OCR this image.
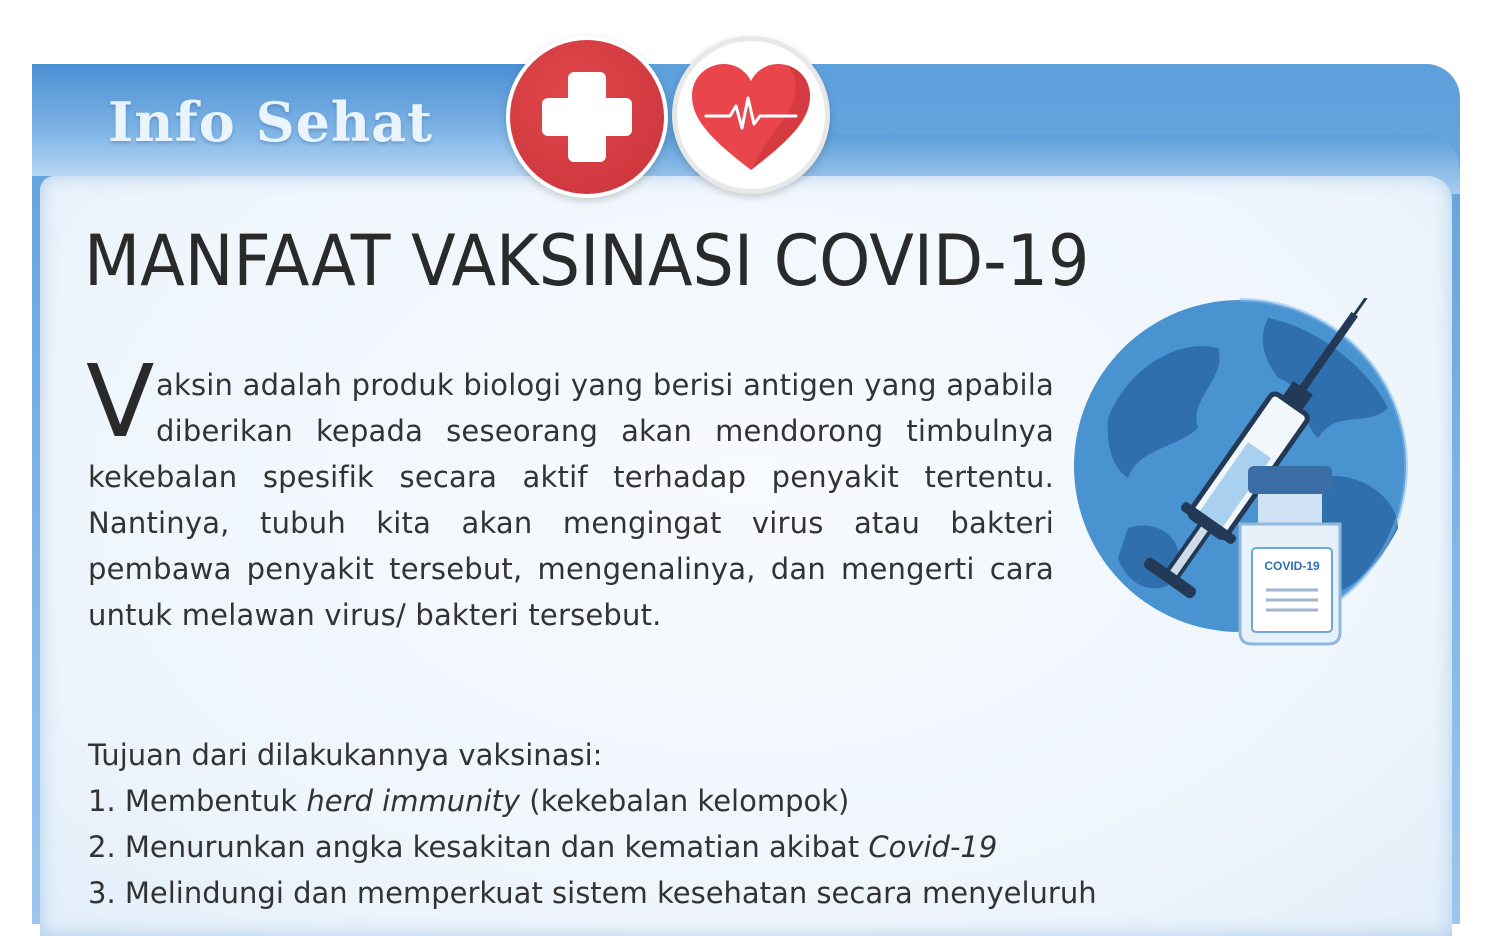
Info Sehat
MANFAAT VAKSINASI COVID-19
V aksin adalah produk biologi yang berisi antigen yang apabila diberikan kepada seseorang akan mendorong timbulnya kekebalan spesifik secara aktif terhadap penyakit tertentu. Nantinya, tubuh kita akan mengingat virus atau bakteri pembawa penyakit tersebut, mengenalinya, dan mengerti cara untuk melawan virus/ bakteri tersebut.

Tujuan dari dilakukannya vaksinasi:

1. Membentuk herd immunity (kekebalan kelompok)

2. Menurunkan angka kesakitan dan kematian akibat Covid-19

3. Melindungi dan memperkuat sistem kesehatan secara menyeluruh

COVID-19
